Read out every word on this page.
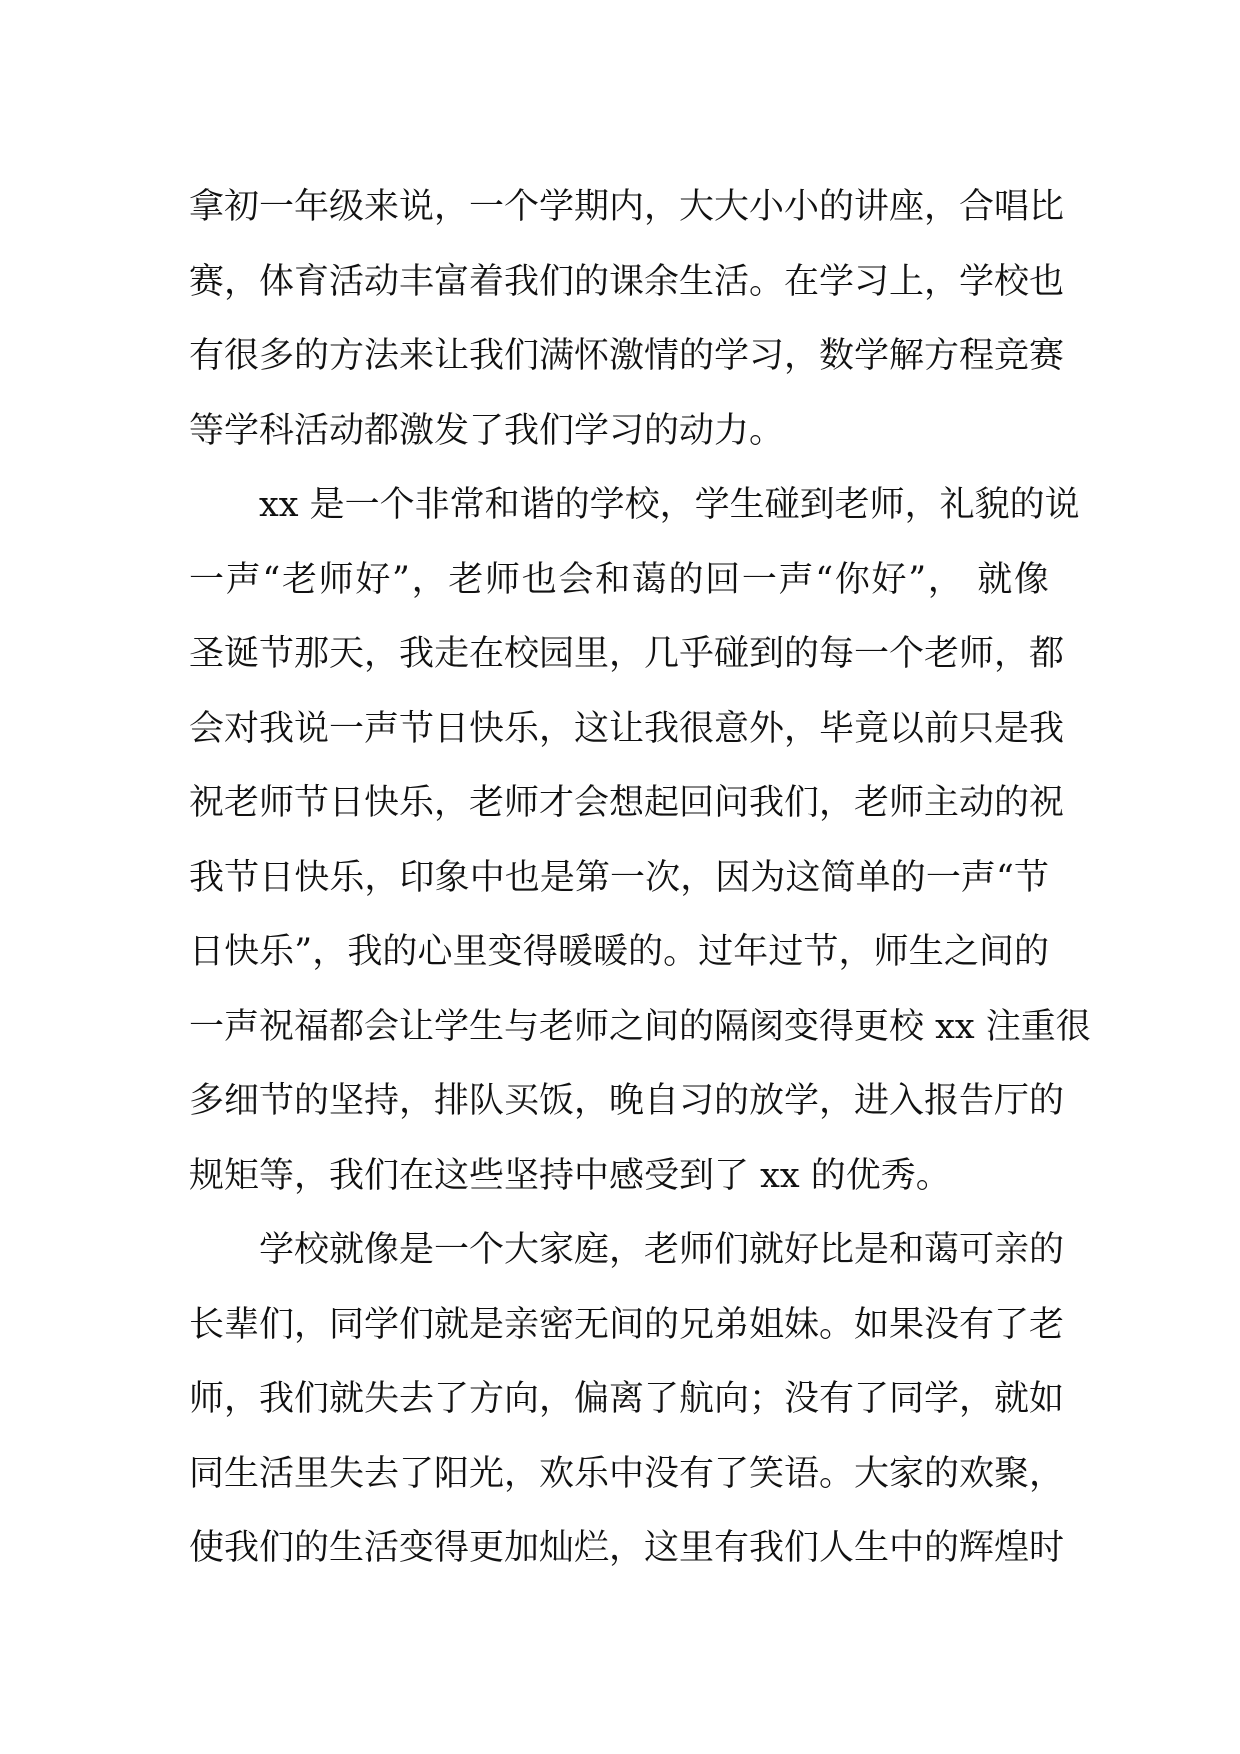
拿初一年级来说，一个学期内，大大小小的讲座，合唱比
赛，体育活动丰富着我们的课余生活。在学习上，学校也
有很多的方法来让我们满怀激情的学习，数学解方程竞赛
等学科活动都激发了我们学习的动力。
xx 是一个非常和谐的学校，学生碰到老师，礼貌的说
一声“老师好”，老师也会和蔼的回一声“你好”， 就像
圣诞节那天，我走在校园里，几乎碰到的每一个老师，都
会对我说一声节日快乐，这让我很意外，毕竟以前只是我
祝老师节日快乐，老师才会想起回问我们，老师主动的祝
我节日快乐，印象中也是第一次，因为这简单的一声“节
日快乐”，我的心里变得暖暖的。过年过节，师生之间的
一声祝福都会让学生与老师之间的隔阂变得更校 xx 注重很
多细节的坚持，排队买饭，晚自习的放学，进入报告厅的
规矩等，我们在这些坚持中感受到了 xx 的优秀。
学校就像是一个大家庭，老师们就好比是和蔼可亲的
长辈们，同学们就是亲密无间的兄弟姐妹。如果没有了老
师，我们就失去了方向，偏离了航向；没有了同学，就如
同生活里失去了阳光，欢乐中没有了笑语。大家的欢聚，
使我们的生活变得更加灿烂，这里有我们人生中的辉煌时
